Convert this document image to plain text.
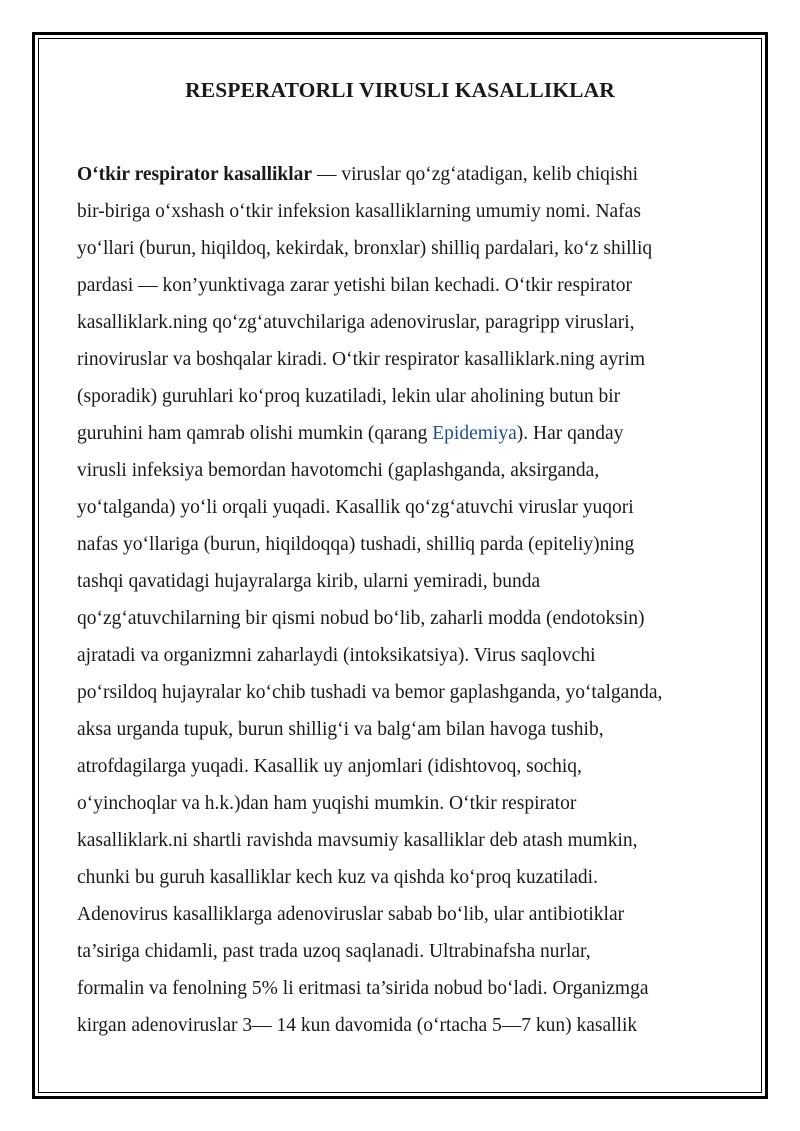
RESPERATORLI VIRUSLI KASALLIKLAR
O‘tkir respirator kasalliklar — viruslar qo‘zg‘atadigan, kelib chiqishi
bir-biriga o‘xshash o‘tkir infeksion kasalliklarning umumiy nomi. Nafas
yo‘llari (burun, hiqildoq, kekirdak, bronxlar) shilliq pardalari, ko‘z shilliq
pardasi — kon’yunktivaga zarar yetishi bilan kechadi. O‘tkir respirator
kasalliklark.ning qo‘zg‘atuvchilariga adenoviruslar, paragripp viruslari,
rinoviruslar va boshqalar kiradi. O‘tkir respirator kasalliklark.ning ayrim
(sporadik) guruhlari ko‘proq kuzatiladi, lekin ular aholining butun bir
guruhini ham qamrab olishi mumkin (qarang Epidemiya). Har qanday
virusli infeksiya bemordan havotomchi (gaplashganda, aksirganda,
yo‘talganda) yo‘li orqali yuqadi. Kasallik qo‘zg‘atuvchi viruslar yuqori
nafas yo‘llariga (burun, hiqildoqqa) tushadi, shilliq parda (epiteliy)ning
tashqi qavatidagi hujayralarga kirib, ularni yemiradi, bunda
qo‘zg‘atuvchilarning bir qismi nobud bo‘lib, zaharli modda (endotoksin)
ajratadi va organizmni zaharlaydi (intoksikatsiya). Virus saqlovchi
po‘rsildoq hujayralar ko‘chib tushadi va bemor gaplashganda, yo‘talganda,
aksa urganda tupuk, burun shillig‘i va balg‘am bilan havoga tushib,
atrofdagilarga yuqadi. Kasallik uy anjomlari (idishtovoq, sochiq,
o‘yinchoqlar va h.k.)dan ham yuqishi mumkin. O‘tkir respirator
kasalliklark.ni shartli ravishda mavsumiy kasalliklar deb atash mumkin,
chunki bu guruh kasalliklar kech kuz va qishda ko‘proq kuzatiladi.
Adenovirus kasalliklarga adenoviruslar sabab bo‘lib, ular antibiotiklar
ta’siriga chidamli, past trada uzoq saqlanadi. Ultrabinafsha nurlar,
formalin va fenolning 5% li eritmasi ta’sirida nobud bo‘ladi. Organizmga
kirgan adenoviruslar 3— 14 kun davomida (o‘rtacha 5—7 kun) kasallik
